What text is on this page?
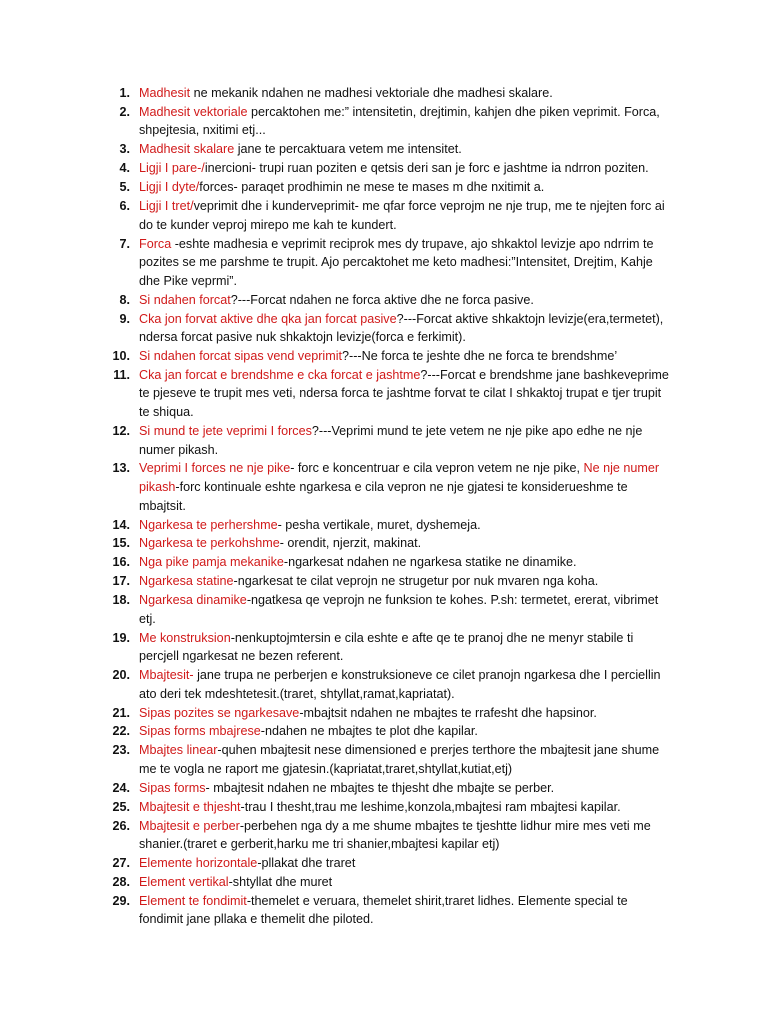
1. Madhesit ne mekanik ndahen ne madhesi vektoriale dhe madhesi skalare.
2. Madhesit vektoriale percaktohen me:” intensitetin, drejtimin, kahjen dhe piken veprimit. Forca, shpejtesia, nxitimi etj...
3. Madhesit skalare jane te percaktuara vetem me intensitet.
4. Ligji I pare-/inercioni- trupi ruan poziten e qetsis deri san je forc e jashtme ia ndrron poziten.
5. Ligji I dyte/forces- paraqet prodhimin ne mese te mases m dhe nxitimit a.
6. Ligji I tret/veprimit dhe i kunderveprimit- me qfar force veprojm ne nje trup, me te njejten forc ai do te kunder veproj mirepo me kah te kundert.
7. Forca -eshte madhesia e veprimit reciprok mes dy trupave, ajo shkaktol levizje apo ndrrim te pozites se me parshme te trupit. Ajo percaktohet me keto madhesi:”Intensitet, Drejtim, Kahje dhe Pike veprmi”.
8. Si ndahen forcat?---Forcat ndahen ne forca aktive dhe ne forca pasive.
9. Cka jon forvat aktive dhe qka jan forcat pasive?---Forcat aktive shkaktojn levizje(era,termetet), ndersa forcat pasive nuk shkaktojn levizje(forca e ferkimit).
10. Si ndahen forcat sipas vend veprimit?---Ne forca te jeshte dhe ne forca te brendshme’
11. Cka jan forcat e brendshme e cka forcat e jashtme?---Forcat e brendshme jane bashkeveprime te pjeseve te trupit mes veti, ndersa forca te jashtme forvat te cilat I shkaktoj trupat e tjer trupit te shiqua.
12. Si mund te jete veprimi I forces?---Veprimi mund te jete vetem ne nje pike apo edhe ne nje numer pikash.
13. Veprimi I forces ne nje pike- forc e koncentruar e cila vepron vetem ne nje pike, Ne nje numer pikash-forc kontinuale eshte ngarkesa e cila vepron ne nje gjatesi te konsiderueshme te mbajtsit.
14. Ngarkesa te perhershme- pesha vertikale, muret, dyshemeja.
15. Ngarkesa te perkohshme- orendit, njerzit, makinat.
16. Nga pike pamja mekanike-ngarkesat ndahen ne ngarkesa statike ne dinamike.
17. Ngarkesa statine-ngarkesat te cilat veprojn ne strugetur por nuk mvaren nga koha.
18. Ngarkesa dinamike-ngatkesa qe veprojn ne funksion te kohes. P.sh: termetet, ererat, vibrimet etj.
19. Me konstruksion-nenkuptojmtersin e cila eshte e afte qe te pranoj dhe ne menyr stabile ti percjell ngarkesat ne bezen referent.
20. Mbajtesit- jane trupa ne perberjen e konstruksioneve ce cilet pranojn ngarkesa dhe I perciellin ato deri tek mdeshtetesit.(traret, shtyllat,ramat,kapriatat).
21. Sipas pozites se ngarkesave-mbajtsit ndahen ne mbajtes te rrafesht dhe hapsinor.
22. Sipas forms mbajrese-ndahen ne mbajtes te plot dhe kapilar.
23. Mbajtes linear-quhen mbajtesit nese dimensioned e prerjes terthore the mbajtesit jane shume me te vogla ne raport me gjatesin.(kapriatat,traret,shtyllat,kutiat,etj)
24. Sipas forms- mbajtesit ndahen ne mbajtes te thjesht dhe mbajte se perber.
25. Mbajtesit e thjesht-trau I thesht,trau me leshime,konzola,mbajtesi ram mbajtesi kapilar.
26. Mbajtesit e perber-perbehen nga dy a me shume mbajtes te tjeshtte lidhur mire mes veti me shanier.(traret e gerberit,harku me tri shanier,mbajtesi kapilar etj)
27. Elemente horizontale-pllakat dhe traret
28. Element vertikal-shtyllat dhe muret
29. Element te fondimit-themelet e veruara, themelet shirit,traret lidhes. Elemente special te fondimit jane pllaka e themelit dhe piloted.
